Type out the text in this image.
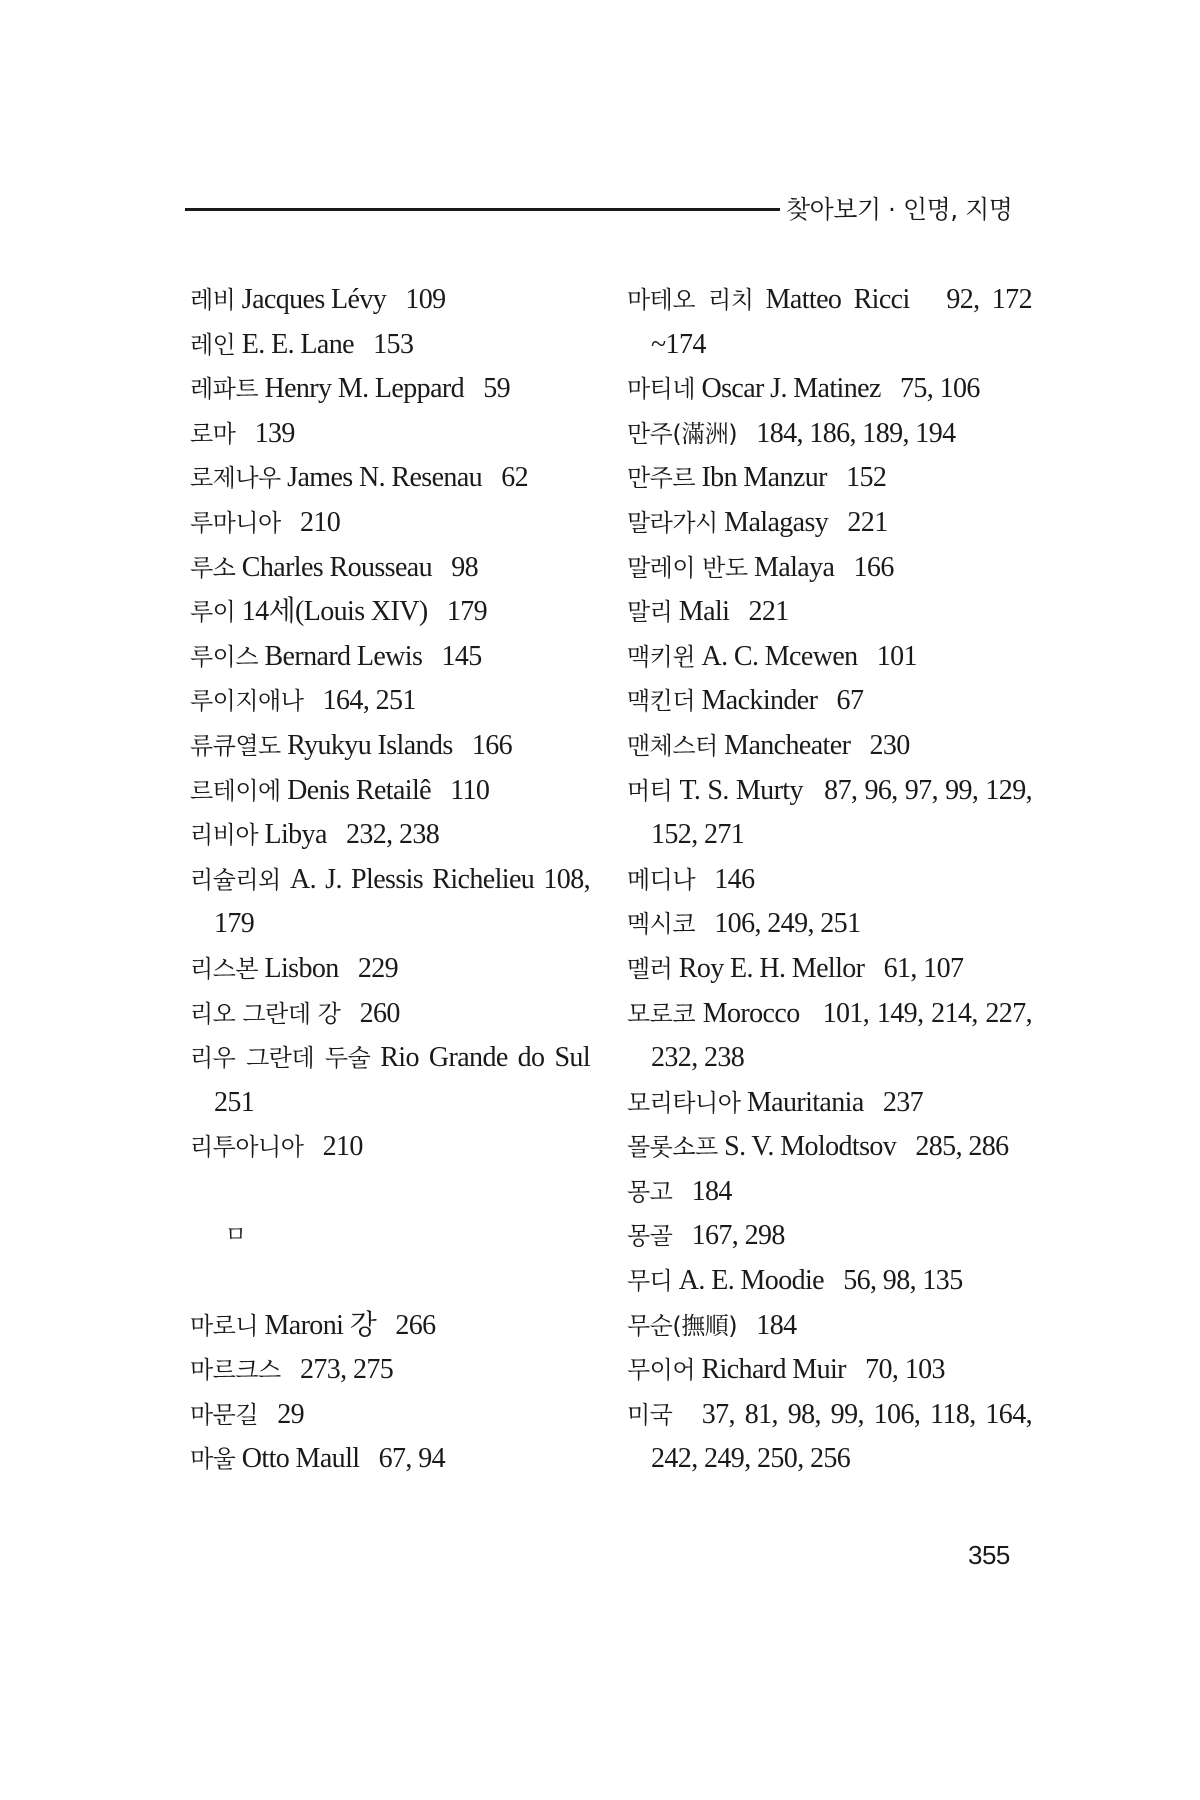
찾아보기 · 인명, 지명
레비 Jacques Lévy   109
레인 E. E. Lane   153
레파트 Henry M. Leppard   59
로마   139
로제나우 James N. Resenau   62
루마니아   210
루소 Charles Rousseau   98
루이 14세(Louis XIV)   179
루이스 Bernard Lewis   145
루이지애나   164, 251
류큐열도 Ryukyu Islands   166
르테이에 Denis Retailê   110
리비아 Libya   232, 238
리슐리외 A. J. Plessis Richelieu 108, 179
리스본 Lisbon   229
리오 그란데 강   260
리우 그란데 두술 Rio Grande do Sul   251
리투아니아   210
ㅁ
마로니 Maroni 강   266
마르크스   273, 275
마문길   29
마울 Otto Maull   67, 94
마테오 리치 Matteo Ricci   92, 172 ~174
마티네 Oscar J. Matinez   75, 106
만주(滿洲)   184, 186, 189, 194
만주르 Ibn Manzur   152
말라가시 Malagasy   221
말레이 반도 Malaya   166
말리 Mali   221
맥키윈 A. C. Mcewen   101
맥킨더 Mackinder   67
맨체스터 Mancheater   230
머티 T. S. Murty   87, 96, 97, 99, 129, 152, 271
메디나   146
멕시코   106, 249, 251
멜러 Roy E. H. Mellor   61, 107
모로코 Morocco   101, 149, 214, 227, 232, 238
모리타니아 Mauritania   237
몰롯소프 S. V. Molodtsov   285, 286
몽고   184
몽골   167, 298
무디 A. E. Moodie   56, 98, 135
무순(撫順)   184
무이어 Richard Muir   70, 103
미국   37, 81, 98, 99, 106, 118, 164, 242, 249, 250, 256
355
